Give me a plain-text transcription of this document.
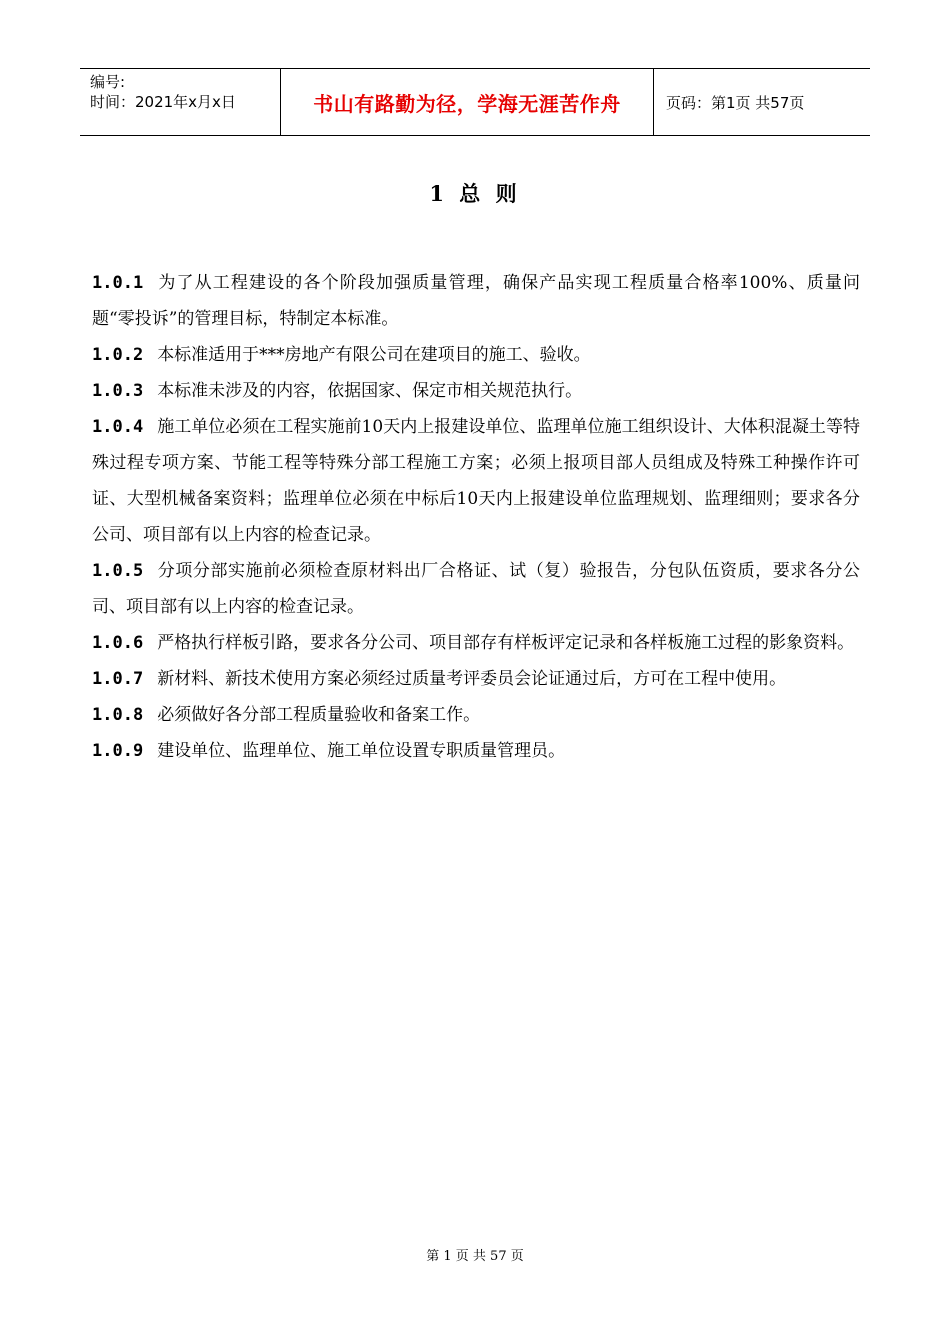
编号:
时间：2021年x月x日	书山有路勤为径，学海无涯苦作舟	页码：第1页 共57页
1 总 则

1.0.1 为了从工程建设的各个阶段加强质量管理，确保产品实现工程质量合格率100%、质量问题“零投诉”的管理目标，特制定本标准。

1.0.2 本标准适用于***房地产有限公司在建项目的施工、验收。

1.0.3 本标准未涉及的内容，依据国家、保定市相关规范执行。

1.0.4 施工单位必须在工程实施前10天内上报建设单位、监理单位施工组织设计、大体积混凝土等特殊过程专项方案、节能工程等特殊分部工程施工方案；必须上报项目部人员组成及特殊工种操作许可证、大型机械备案资料；监理单位必须在中标后10天内上报建设单位监理规划、监理细则；要求各分公司、项目部有以上内容的检查记录。

1.0.5 分项分部实施前必须检查原材料出厂合格证、试（复）验报告，分包队伍资质，要求各分公司、项目部有以上内容的检查记录。

1.0.6 严格执行样板引路，要求各分公司、项目部存有样板评定记录和各样板施工过程的影象资料。

1.0.7 新材料、新技术使用方案必须经过质量考评委员会论证通过后，方可在工程中使用。

1.0.8 必须做好各分部工程质量验收和备案工作。

1.0.9 建设单位、监理单位、施工单位设置专职质量管理员。

第 1 页 共 57 页
